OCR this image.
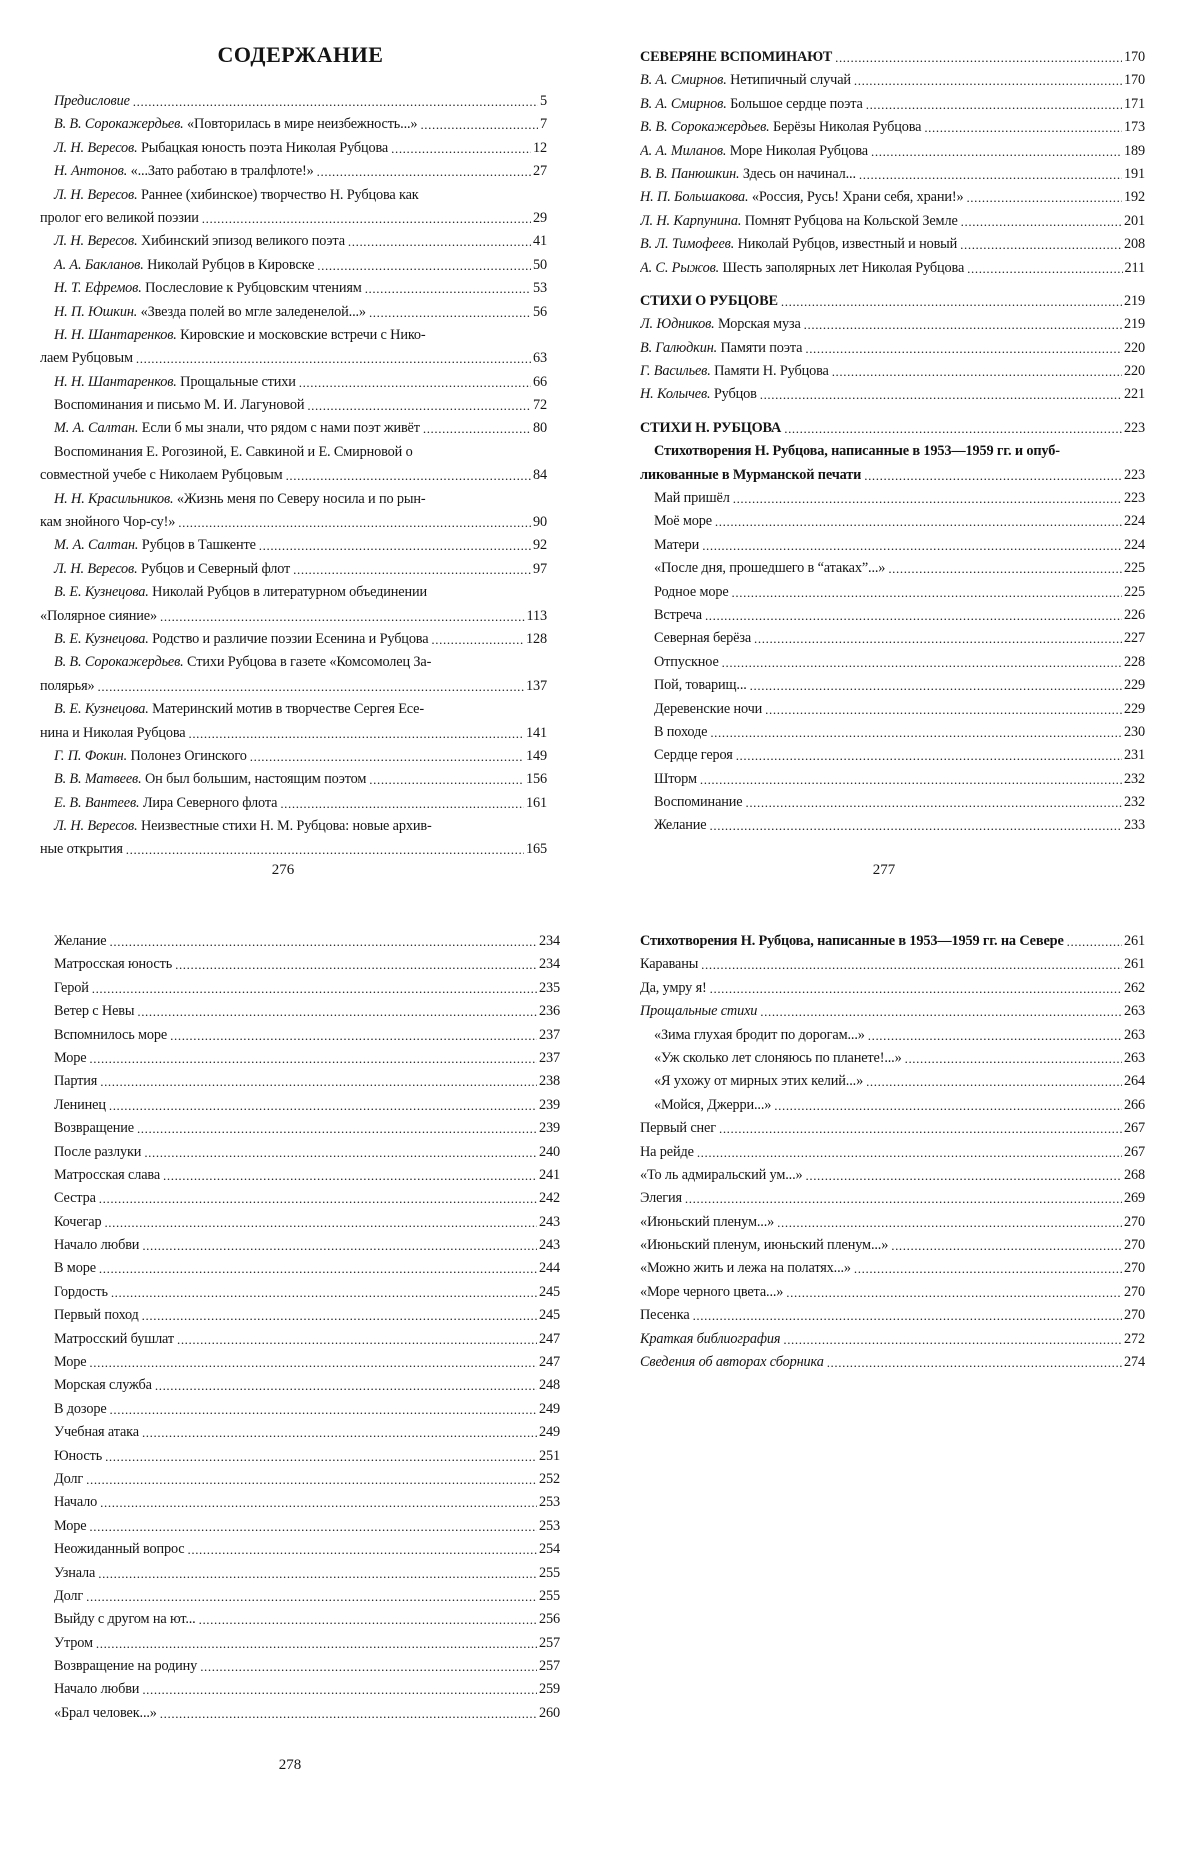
СОДЕРЖАНИЕ
Предисловие .....	5
В. В. Сорокажердьев. «Повторилась в мире неизбежность...» .....	7
Л. Н. Вересов. Рыбацкая юность поэта Николая Рубцова .....	12
Н. Антонов. «...Зато работаю в тралфлоте!» .....	27
Л. Н. Вересов. Раннее (хибинское) творчество Н. Рубцова как
пролог его великой поэзии .....	29
Л. Н. Вересов. Хибинский эпизод великого поэта .....	41
А. А. Бакланов. Николай Рубцов в Кировске .....	50
Н. Т. Ефремов. Послесловие к Рубцовским чтениям .....	53
Н. П. Юшкин. «Звезда полей во мгле заледенелой...» .....	56
Н. Н. Шантаренков. Кировские и московские встречи с Нико-
лаем Рубцовым .....	63
Н. Н. Шантаренков. Прощальные стихи .....	66
Воспоминания и письмо М. И. Лагуновой .....	72
М. А. Салтан. Если б мы знали, что рядом с нами поэт живёт .....	80
Воспоминания Е. Рогозиной, Е. Савкиной и Е. Смирновой о
совместной учебе с Николаем Рубцовым .....	84
Н. Н. Красильников. «Жизнь меня по Северу носила и по рын-
кам знойного Чор-су!» .....	90
М. А. Салтан. Рубцов в Ташкенте .....	92
Л. Н. Вересов. Рубцов и Северный флот .....	97
В. Е. Кузнецова. Николай Рубцов в литературном объединении
«Полярное сияние» .....	113
В. Е. Кузнецова. Родство и различие поэзии Есенина и Рубцова .....	128
В. В. Сорокажердьев. Стихи Рубцова в газете «Комсомолец За-
полярья» .....	137
В. Е. Кузнецова. Материнский мотив в творчестве Сергея Есе-
нина и Николая Рубцова .....	141
Г. П. Фокин. Полонез Огинского .....	149
В. В. Матвеев. Он был большим, настоящим поэтом .....	156
Е. В. Вантеев. Лира Северного флота .....	161
Л. Н. Вересов. Неизвестные стихи Н. М. Рубцова: новые архив-
ные открытия .....	165
276
СЕВЕРЯНЕ ВСПОМИНАЮТ .....	170
В. А. Смирнов. Нетипичный случай .....	170
В. А. Смирнов. Большое сердце поэта .....	171
В. В. Сорокажердьев. Берёзы Николая Рубцова .....	173
А. А. Миланов. Море Николая Рубцова .....	189
В. В. Панюшкин. Здесь он начинал... .....	191
Н. П. Большакова. «Россия, Русь! Храни себя, храни!» .....	192
Л. Н. Карпунина. Помнят Рубцова на Кольской Земле .....	201
В. Л. Тимофеев. Николай Рубцов, известный и новый .....	208
А. С. Рыжов. Шесть заполярных лет Николая Рубцова .....	211
СТИХИ О РУБЦОВЕ .....	219
Л. Юдников. Морская муза .....	219
В. Галюдкин. Памяти поэта .....	220
Г. Васильев. Памяти Н. Рубцова .....	220
Н. Колычев. Рубцов .....	221
СТИХИ Н. РУБЦОВА .....	223
Стихотворения Н. Рубцова, написанные в 1953—1959 гг. и опуб-
ликованные в Мурманской печати .....	223
Май пришёл .....	223
Моё море .....	224
Матери .....	224
«После дня, прошедшего в “атаках”...» .....	225
Родное море .....	225
Встреча .....	226
Северная берёза .....	227
Отпускное .....	228
Пой, товарищ... .....	229
Деревенские ночи .....	229
В походе .....	230
Сердце героя .....	231
Шторм .....	232
Воспоминание .....	232
Желание .....	233
277
Желание .....	234
Матросская юность .....	234
Герой .....	235
Ветер с Невы .....	236
Вспомнилось море .....	237
Море .....	237
Партия .....	238
Ленинец .....	239
Возвращение .....	239
После разлуки .....	240
Матросская слава .....	241
Сестра .....	242
Кочегар .....	243
Начало любви .....	243
В море .....	244
Гордость .....	245
Первый поход .....	245
Матросский бушлат .....	247
Море .....	247
Морская служба .....	248
В дозоре .....	249
Учебная атака .....	249
Юность .....	251
Долг .....	252
Начало .....	253
Море .....	253
Неожиданный вопрос .....	254
Узнала .....	255
Долг .....	255
Выйду с другом на ют... .....	256
Утром .....	257
Возвращение на родину .....	257
Начало любви .....	259
«Брал человек...» .....	260
278
Стихотворения Н. Рубцова, написанные в 1953—1959 гг. на Севере .....	261
Караваны .....	261
Да, умру я! .....	262
Прощальные стихи .....	263
«Зима глухая бродит по дорогам...» .....	263
«Уж сколько лет слоняюсь по планете!...» .....	263
«Я ухожу от мирных этих келий...» .....	264
«Мойся, Джерри...» .....	266
Первый снег .....	267
На рейде .....	267
«То ль адмиральский ум...» .....	268
Элегия .....	269
«Июньский пленум...» .....	270
«Июньский пленум, июньский пленум...» .....	270
«Можно жить и лежа на полатях...» .....	270
«Море черного цвета...» .....	270
Песенка .....	270
Краткая библиография .....	272
Сведения об авторах сборника .....	274
